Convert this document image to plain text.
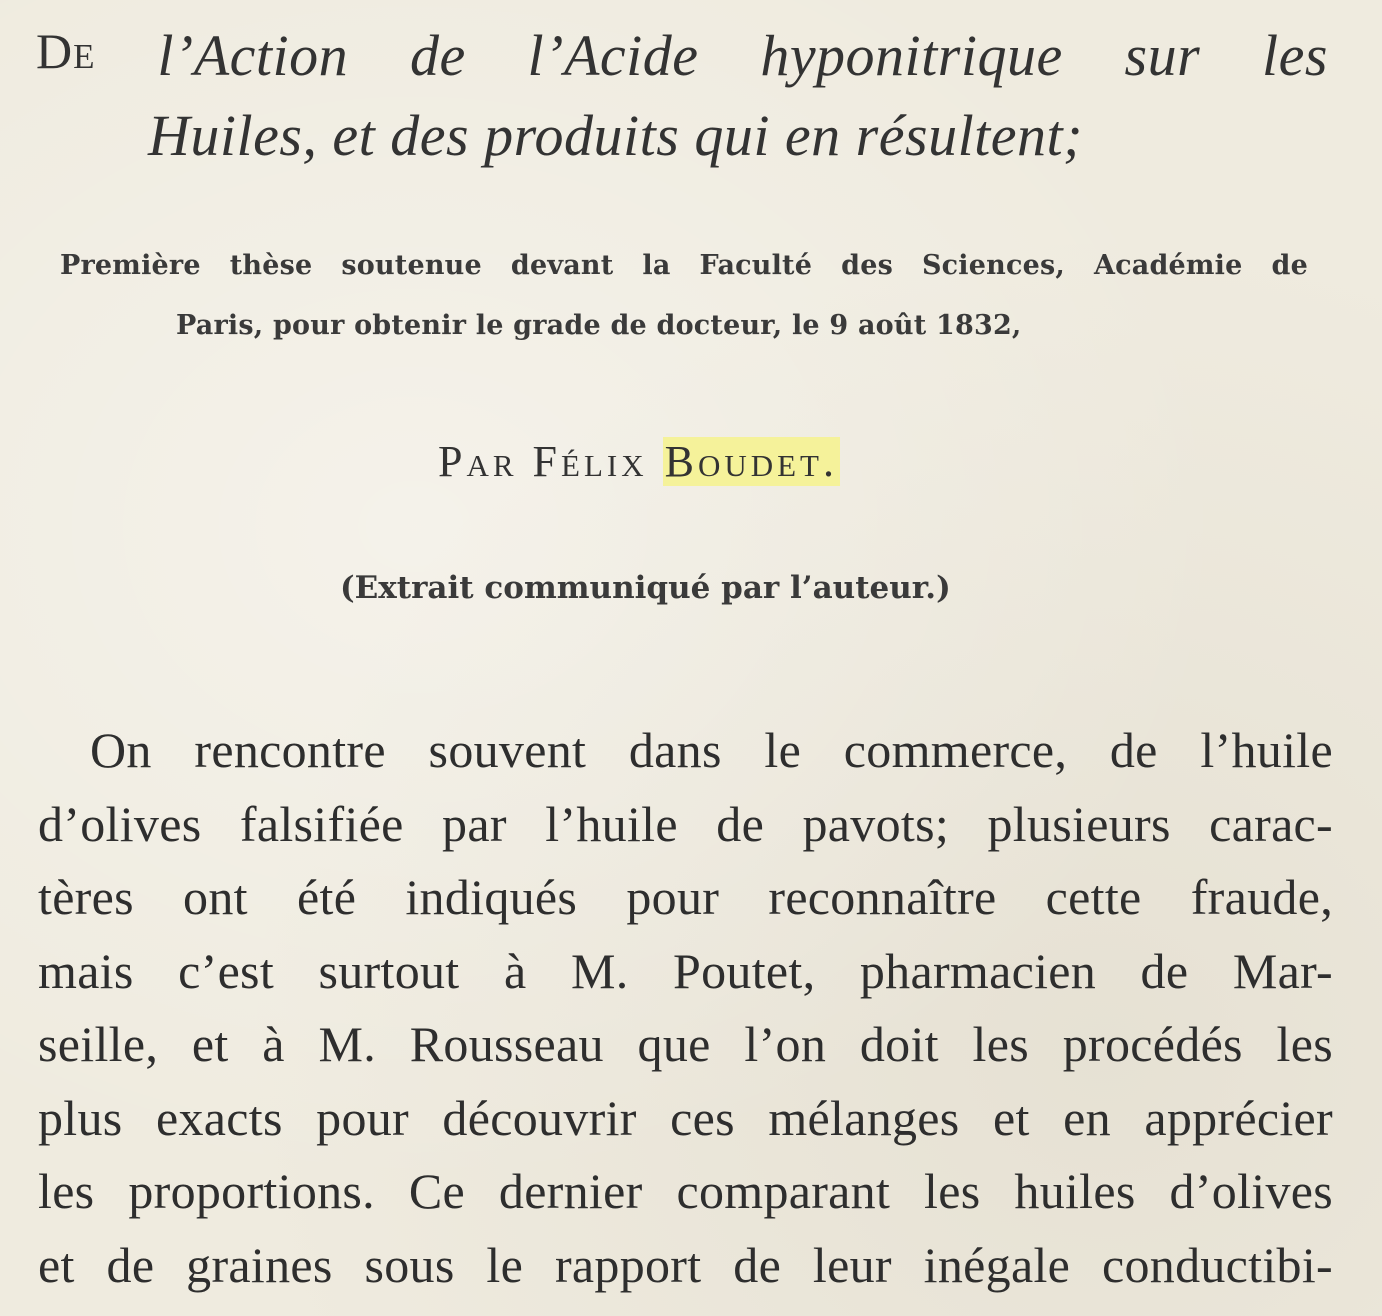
De l’Action de l’Acide hyponitrique sur les
Huiles, et des produits qui en résultent;
Première thèse soutenue devant la Faculté des Sciences, Académie de
Paris, pour obtenir le grade de docteur, le 9 août 1832,
Par Félix Boudet.
(Extrait communiqué par l’auteur.)
On rencontre souvent dans le commerce, de l’huile
d’olives falsifiée par l’huile de pavots; plusieurs carac-
tères ont été indiqués pour reconnaître cette fraude,
mais c’est surtout à M. Poutet, pharmacien de Mar-
seille, et à M. Rousseau que l’on doit les procédés les
plus exacts pour découvrir ces mélanges et en apprécier
les proportions. Ce dernier comparant les huiles d’olives
et de graines sous le rapport de leur inégale conductibi-
